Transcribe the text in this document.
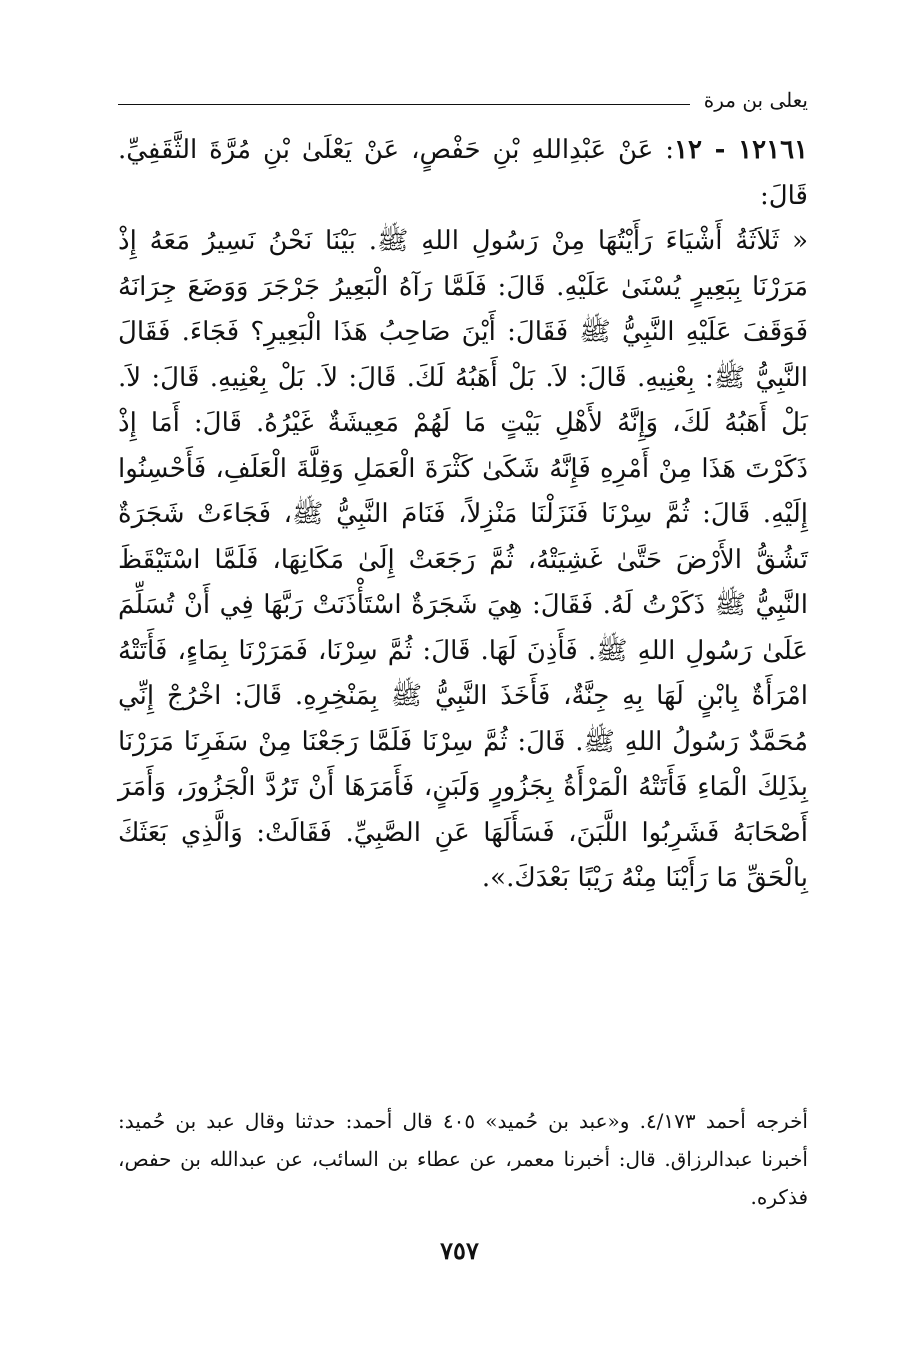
يعلى بن مرة

١٢١٦١ - ١٢: عَنْ عَبْدِاللهِ بْنِ حَفْصٍ، عَنْ يَعْلَىٰ بْنِ مُرَّةَ الثَّقَفِيِّ. قَالَ:

« ثَلاَثَةُ أَشْيَاءَ رَأَيْتُهَا مِنْ رَسُولِ اللهِ ﷺ. بَيْنَا نَحْنُ نَسِيرُ مَعَهُ إِذْ مَرَرْنَا بِبَعِيرٍ يُسْنَىٰ عَلَيْهِ. قَالَ: فَلَمَّا رَآهُ الْبَعِيرُ جَرْجَرَ وَوَضَعَ جِرَانَهُ فَوَقَفَ عَلَيْهِ النَّبِيُّ ﷺ فَقَالَ: أَيْنَ صَاحِبُ هَذَا الْبَعِيرِ؟ فَجَاءَ. فَقَالَ النَّبِيُّ ﷺ: بِعْنِيهِ. قَالَ: لاَ. بَلْ أَهَبُهُ لَكَ. قَالَ: لاَ. بَلْ بِعْنِيهِ. قَالَ: لاَ. بَلْ أَهَبُهُ لَكَ، وَإِنَّهُ لأَهْلِ بَيْتٍ مَا لَهُمْ مَعِيشَةٌ غَيْرُهُ. قَالَ: أَمَا إِذْ ذَكَرْتَ هَذَا مِنْ أَمْرِهِ فَإِنَّهُ شَكَىٰ كَثْرَةَ الْعَمَلِ وَقِلَّةَ الْعَلَفِ، فَأَحْسِنُوا إِلَيْهِ. قَالَ: ثُمَّ سِرْنَا فَنَزَلْنَا مَنْزِلاً، فَنَامَ النَّبِيُّ ﷺ، فَجَاءَتْ شَجَرَةٌ تَشُقُّ الأَرْضَ حَتَّىٰ غَشِيَتْهُ، ثُمَّ رَجَعَتْ إِلَىٰ مَكَانِهَا، فَلَمَّا اسْتَيْقَظَ النَّبِيُّ ﷺ ذَكَرْتُ لَهُ. فَقَالَ: هِيَ شَجَرَةٌ اسْتَأْذَنَتْ رَبَّهَا فِي أَنْ تُسَلِّمَ عَلَىٰ رَسُولِ اللهِ ﷺ. فَأَذِنَ لَهَا. قَالَ: ثُمَّ سِرْنَا، فَمَرَرْنَا بِمَاءٍ، فَأَتَتْهُ امْرَأَةٌ بِابْنٍ لَهَا بِهِ جِنَّةٌ، فَأَخَذَ النَّبِيُّ ﷺ بِمَنْخِرِهِ. قَالَ: اخْرُجْ إِنِّي مُحَمَّدٌ رَسُولُ اللهِ ﷺ. قَالَ: ثُمَّ سِرْنَا فَلَمَّا رَجَعْنَا مِنْ سَفَرِنَا مَرَرْنَا بِذَلِكَ الْمَاءِ فَأَتَتْهُ الْمَرْأَةُ بِجَزُورٍ وَلَبَنٍ، فَأَمَرَهَا أَنْ تَرُدَّ الْجَزُورَ، وَأَمَرَ أَصْحَابَهُ فَشَرِبُوا اللَّبَنَ، فَسَأَلَهَا عَنِ الصَّبِيِّ. فَقَالَتْ: وَالَّذِي بَعَثَكَ بِالْحَقِّ مَا رَأَيْنَا مِنْهُ رَيْبًا بَعْدَكَ.».

أخرجه أحمد ٤/١٧٣. و«عبد بن حُميد» ٤٠٥ قال أحمد: حدثنا وقال عبد بن حُميد: أخبرنا عبدالرزاق. قال: أخبرنا معمر، عن عطاء بن السائب، عن عبدالله بن حفص، فذكره.

٧٥٧
